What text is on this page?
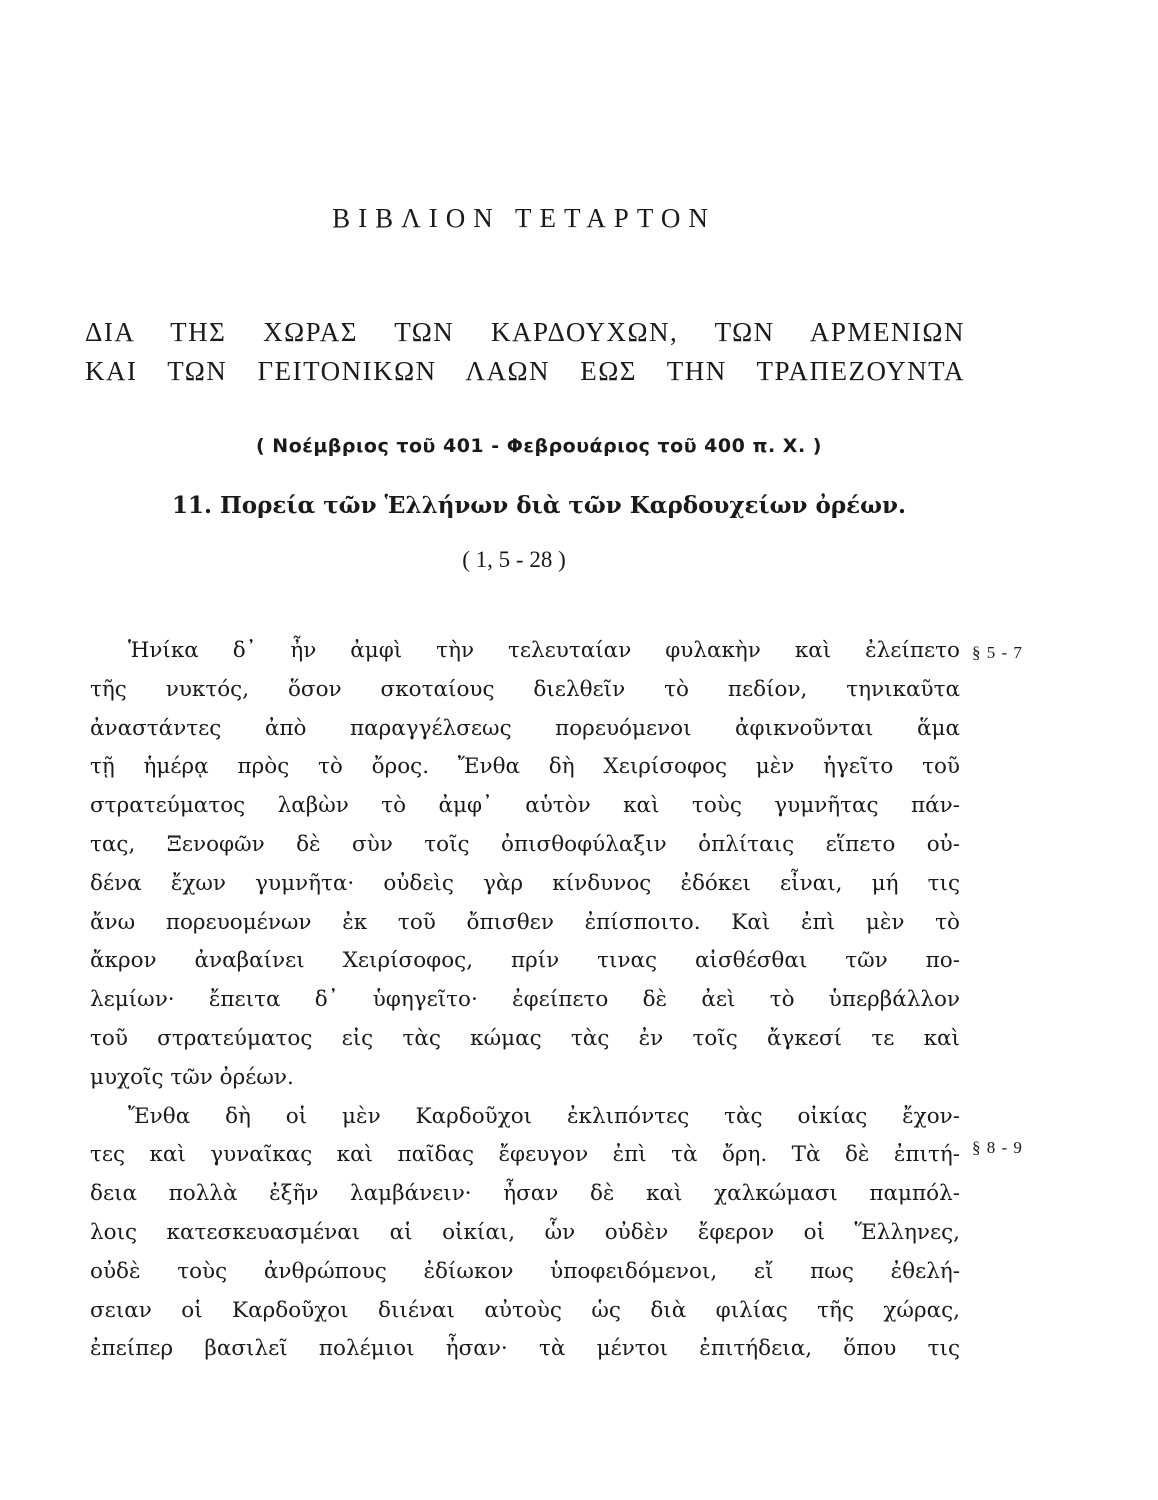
ΒΙΒΛΙΟΝ ΤΕΤΑΡΤΟΝ
ΔΙΑ ΤΗΣ ΧΩΡΑΣ ΤΩΝ ΚΑΡΔΟΥΧΩΝ, ΤΩΝ ΑΡΜΕΝΙΩΝ
ΚΑΙ ΤΩΝ ΓΕΙΤΟΝΙΚΩΝ ΛΑΩΝ ΕΩΣ ΤΗΝ ΤΡΑΠΕΖΟΥΝΤΑ
( Νοέμβριος τοῦ 401 - Φεβρουάριος τοῦ 400 π. Χ. )
11. Πορεία τῶν Ἑλλήνων διὰ τῶν Καρδουχείων ὀρέων.
( 1, 5 - 28 )
§ 5 - 7
§ 8 - 9
Ἡνίκα δ᾽ ἦν ἀμφὶ τὴν τελευταίαν φυλακὴν καὶ ἐλείπετο
τῆς νυκτός, ὅσον σκοταίους διελθεῖν τὸ πεδίον, τηνικαῦτα
ἀναστάντες ἀπὸ παραγγέλσεως πορευόμενοι ἀφικνοῦνται ἅμα
τῇ ἡμέρᾳ πρὸς τὸ ὄρος. Ἔνθα δὴ Χειρίσοφος μὲν ἡγεῖτο τοῦ
στρατεύματος λαβὼν τὸ ἀμφ᾽ αὑτὸν καὶ τοὺς γυμνῆτας πάν-
τας, Ξενοφῶν δὲ σὺν τοῖς ὀπισθοφύλαξιν ὁπλίταις εἵπετο οὐ-
δένα ἔχων γυμνῆτα· οὐδεὶς γὰρ κίνδυνος ἐδόκει εἶναι, μή τις
ἄνω πορευομένων ἐκ τοῦ ὄπισθεν ἐπίσποιτο. Καὶ ἐπὶ μὲν τὸ
ἄκρον ἀναβαίνει Χειρίσοφος, πρίν τινας αἰσθέσθαι τῶν πο-
λεμίων· ἔπειτα δ᾽ ὑφηγεῖτο· ἐφείπετο δὲ ἀεὶ τὸ ὑπερβάλλον
τοῦ στρατεύματος εἰς τὰς κώμας τὰς ἐν τοῖς ἄγκεσί τε καὶ
μυχοῖς τῶν ὀρέων.
Ἔνθα δὴ οἱ μὲν Καρδοῦχοι ἐκλιπόντες τὰς οἰκίας ἔχον-
τες καὶ γυναῖκας καὶ παῖδας ἔφευγον ἐπὶ τὰ ὄρη. Τὰ δὲ ἐπιτή-
δεια πολλὰ ἐξῆν λαμβάνειν· ἦσαν δὲ καὶ χαλκώμασι παμπόλ-
λοις κατεσκευασμέναι αἱ οἰκίαι, ὧν οὐδὲν ἔφερον οἱ Ἕλληνες,
οὐδὲ τοὺς ἀνθρώπους ἐδίωκον ὑποφειδόμενοι, εἴ πως ἐθελή-
σειαν οἱ Καρδοῦχοι διιέναι αὐτοὺς ὡς διὰ φιλίας τῆς χώρας,
ἐπείπερ βασιλεῖ πολέμιοι ἦσαν· τὰ μέντοι ἐπιτήδεια, ὅπου τις
